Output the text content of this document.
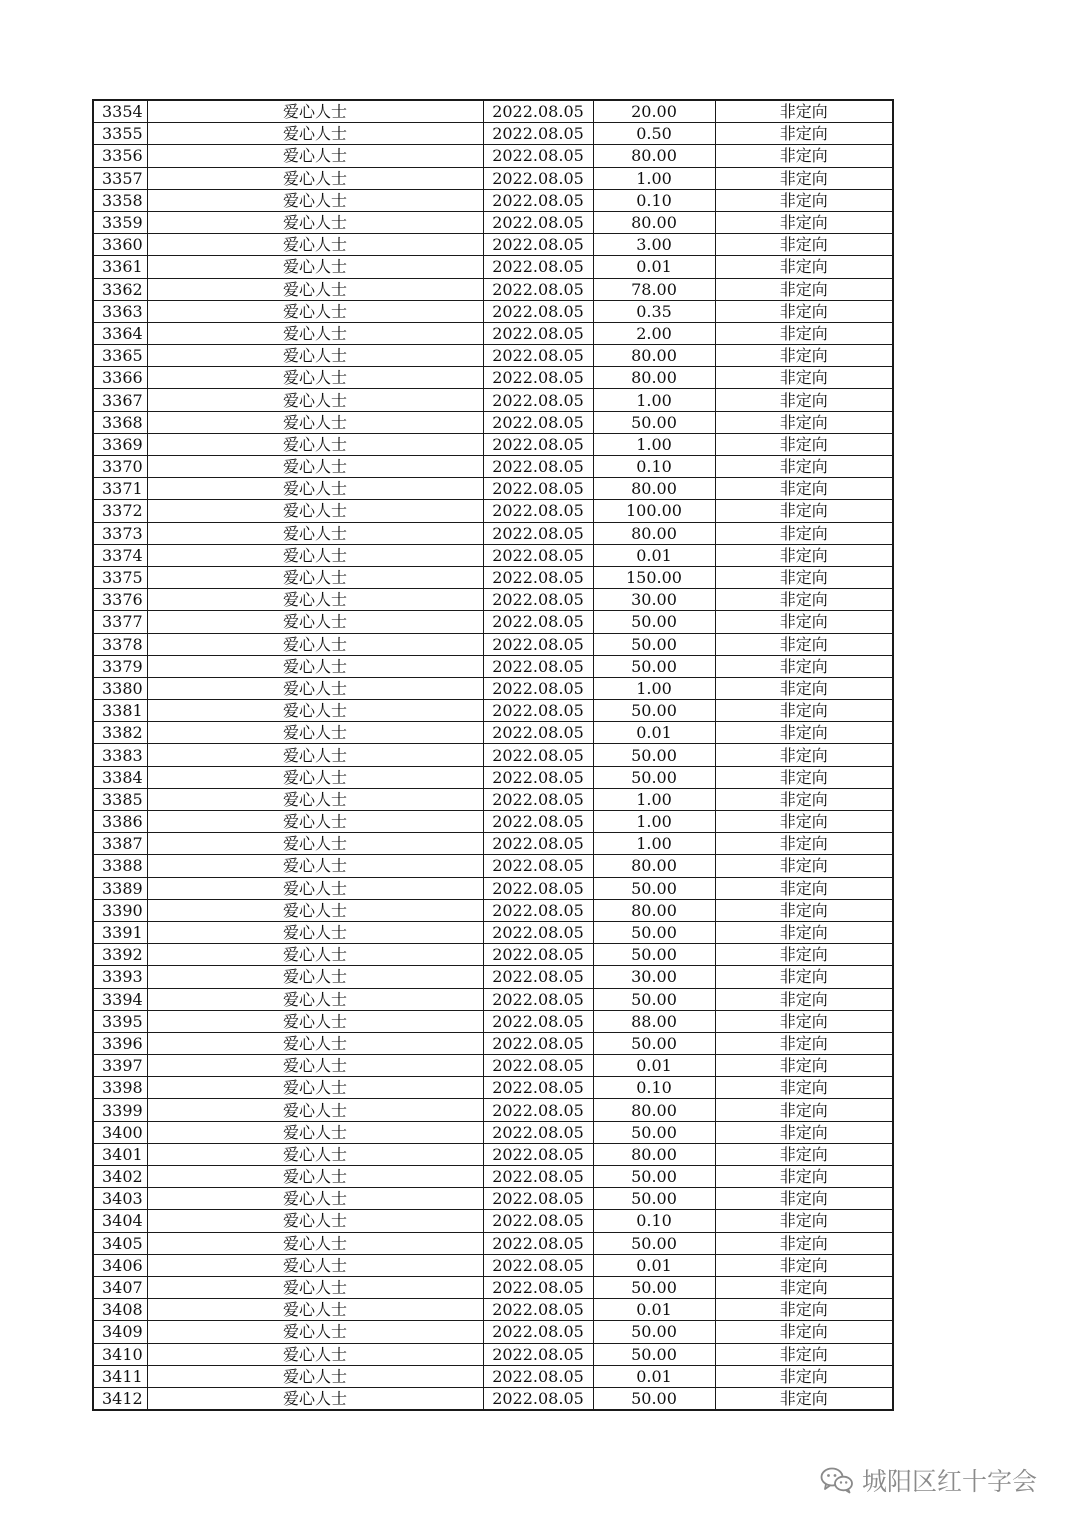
3354	爱心人士	2022.08.05	20.00	非定向
3355	爱心人士	2022.08.05	0.50	非定向
3356	爱心人士	2022.08.05	80.00	非定向
3357	爱心人士	2022.08.05	1.00	非定向
3358	爱心人士	2022.08.05	0.10	非定向
3359	爱心人士	2022.08.05	80.00	非定向
3360	爱心人士	2022.08.05	3.00	非定向
3361	爱心人士	2022.08.05	0.01	非定向
3362	爱心人士	2022.08.05	78.00	非定向
3363	爱心人士	2022.08.05	0.35	非定向
3364	爱心人士	2022.08.05	2.00	非定向
3365	爱心人士	2022.08.05	80.00	非定向
3366	爱心人士	2022.08.05	80.00	非定向
3367	爱心人士	2022.08.05	1.00	非定向
3368	爱心人士	2022.08.05	50.00	非定向
3369	爱心人士	2022.08.05	1.00	非定向
3370	爱心人士	2022.08.05	0.10	非定向
3371	爱心人士	2022.08.05	80.00	非定向
3372	爱心人士	2022.08.05	100.00	非定向
3373	爱心人士	2022.08.05	80.00	非定向
3374	爱心人士	2022.08.05	0.01	非定向
3375	爱心人士	2022.08.05	150.00	非定向
3376	爱心人士	2022.08.05	30.00	非定向
3377	爱心人士	2022.08.05	50.00	非定向
3378	爱心人士	2022.08.05	50.00	非定向
3379	爱心人士	2022.08.05	50.00	非定向
3380	爱心人士	2022.08.05	1.00	非定向
3381	爱心人士	2022.08.05	50.00	非定向
3382	爱心人士	2022.08.05	0.01	非定向
3383	爱心人士	2022.08.05	50.00	非定向
3384	爱心人士	2022.08.05	50.00	非定向
3385	爱心人士	2022.08.05	1.00	非定向
3386	爱心人士	2022.08.05	1.00	非定向
3387	爱心人士	2022.08.05	1.00	非定向
3388	爱心人士	2022.08.05	80.00	非定向
3389	爱心人士	2022.08.05	50.00	非定向
3390	爱心人士	2022.08.05	80.00	非定向
3391	爱心人士	2022.08.05	50.00	非定向
3392	爱心人士	2022.08.05	50.00	非定向
3393	爱心人士	2022.08.05	30.00	非定向
3394	爱心人士	2022.08.05	50.00	非定向
3395	爱心人士	2022.08.05	88.00	非定向
3396	爱心人士	2022.08.05	50.00	非定向
3397	爱心人士	2022.08.05	0.01	非定向
3398	爱心人士	2022.08.05	0.10	非定向
3399	爱心人士	2022.08.05	80.00	非定向
3400	爱心人士	2022.08.05	50.00	非定向
3401	爱心人士	2022.08.05	80.00	非定向
3402	爱心人士	2022.08.05	50.00	非定向
3403	爱心人士	2022.08.05	50.00	非定向
3404	爱心人士	2022.08.05	0.10	非定向
3405	爱心人士	2022.08.05	50.00	非定向
3406	爱心人士	2022.08.05	0.01	非定向
3407	爱心人士	2022.08.05	50.00	非定向
3408	爱心人士	2022.08.05	0.01	非定向
3409	爱心人士	2022.08.05	50.00	非定向
3410	爱心人士	2022.08.05	50.00	非定向
3411	爱心人士	2022.08.05	0.01	非定向
3412	爱心人士	2022.08.05	50.00	非定向
城阳区红十字会
